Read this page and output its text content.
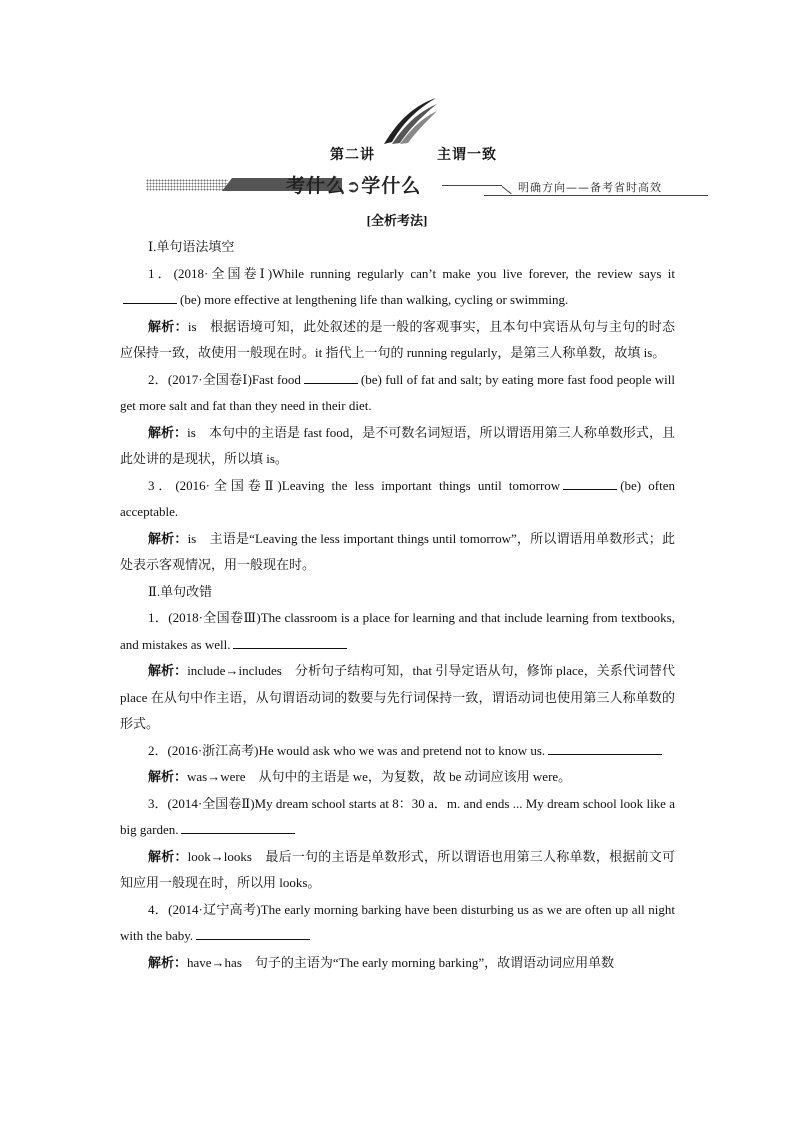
第二讲	主谓一致
考什么➲学什么	明确方向——备考省时高效
[全析考法]

Ⅰ.单句语法填空

1．(2018·全国卷Ⅰ)While running regularly can’t make you live forever, the review says it(be) more effective at lengthening life than walking, cycling or swimming.

解析：is　根据语境可知，此处叙述的是一般的客观事实，且本句中宾语从句与主句的时态应保持一致，故使用一般现在时。it 指代上一句的 running regularly，是第三人称单数，故填 is。

2．(2017·全国卷Ⅰ)Fast food	(be) full of fat and salt; by eating more fast food people will get more salt and fat than they need in their diet.

解析：is　本句中的主语是 fast food，是不可数名词短语，所以谓语用第三人称单数形式，且此处讲的是现状，所以填 is。

3．(2016·全国卷Ⅱ)Leaving the less important things until tomorrow	(be) often acceptable.

解析：is　主语是“Leaving the less important things until tomorrow”，所以谓语用单数形式；此处表示客观情况，用一般现在时。

Ⅱ.单句改错

1．(2018·全国卷Ⅲ)The classroom is a place for learning and that include learning from textbooks, and mistakes as well.

解析：include→includes　分析句子结构可知，that 引导定语从句，修饰 place，关系代词替代 place 在从句中作主语，从句谓语动词的数要与先行词保持一致，谓语动词也使用第三人称单数的形式。

2．(2016·浙江高考)He would ask who we was and pretend not to know us.

解析：was→were　从句中的主语是 we，为复数，故 be 动词应该用 were。

3．(2014·全国卷Ⅱ)My dream school starts at 8：30 a．m. and ends ... My dream school look like a big garden.

解析：look→looks　最后一句的主语是单数形式，所以谓语也用第三人称单数，根据前文可知应用一般现在时，所以用 looks。

4．(2014·辽宁高考)The early morning barking have been disturbing us as we are often up all night with the baby.

解析：have→has　句子的主语为“The early morning barking”，故谓语动词应用单数
